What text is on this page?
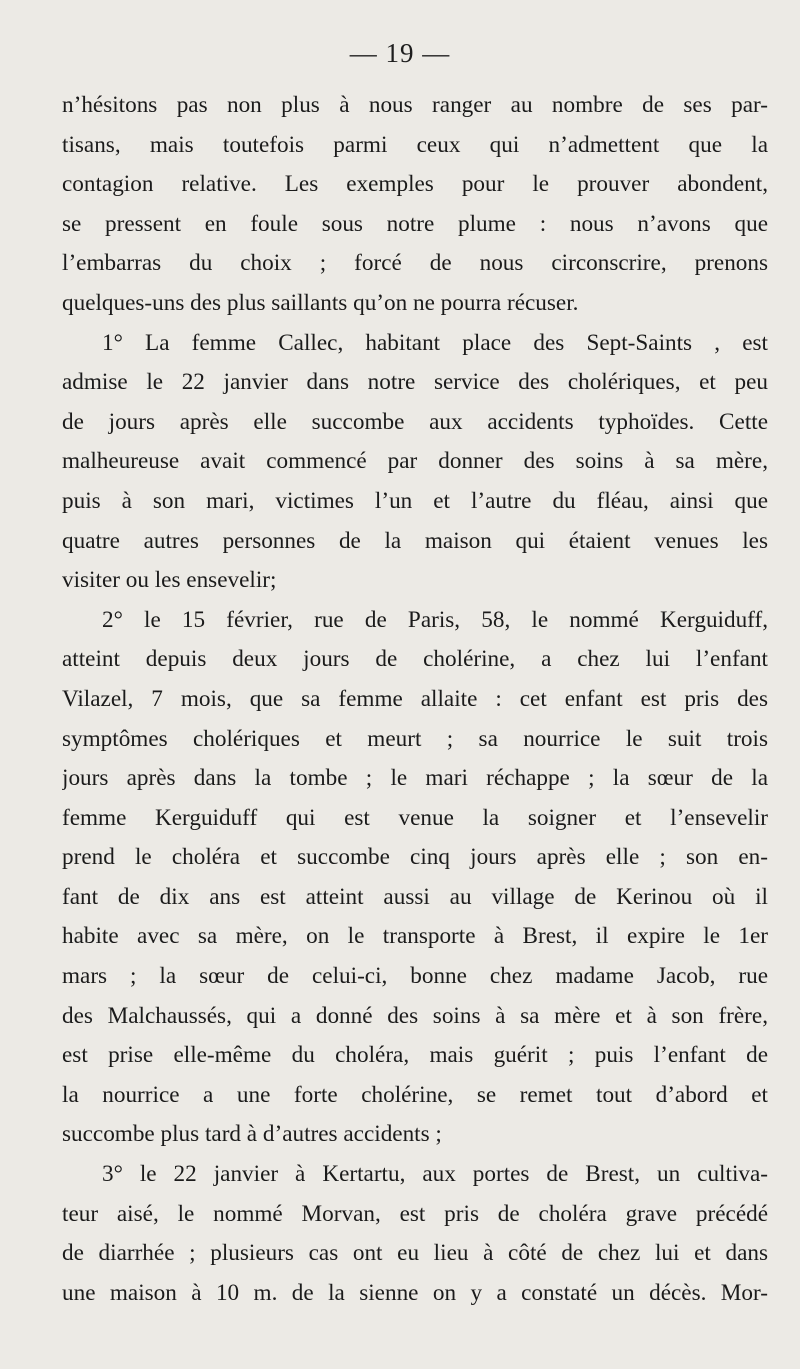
— 19 —
n’hésitons pas non plus à nous ranger au nombre de ses par-
tisans, mais toutefois parmi ceux qui n’admettent que la
contagion relative. Les exemples pour le prouver abondent,
se pressent en foule sous notre plume : nous n’avons que
l’embarras du choix ; forcé de nous circonscrire, prenons
quelques-uns des plus saillants qu’on ne pourra récuser.
1° La femme Callec, habitant place des Sept-Saints , est
admise le 22 janvier dans notre service des cholériques, et peu
de jours après elle succombe aux accidents typhoïdes. Cette
malheureuse avait commencé par donner des soins à sa mère,
puis à son mari, victimes l’un et l’autre du fléau, ainsi que
quatre autres personnes de la maison qui étaient venues les
visiter ou les ensevelir;
2° le 15 février, rue de Paris, 58, le nommé Kerguiduff,
atteint depuis deux jours de cholérine, a chez lui l’enfant
Vilazel, 7 mois, que sa femme allaite : cet enfant est pris des
symptômes cholériques et meurt ; sa nourrice le suit trois
jours après dans la tombe ; le mari réchappe ; la sœur de la
femme Kerguiduff qui est venue la soigner et l’ensevelir
prend le choléra et succombe cinq jours après elle ; son en-
fant de dix ans est atteint aussi au village de Kerinou où il
habite avec sa mère, on le transporte à Brest, il expire le 1er
mars ; la sœur de celui-ci, bonne chez madame Jacob, rue
des Malchaussés, qui a donné des soins à sa mère et à son frère,
est prise elle-même du choléra, mais guérit ; puis l’enfant de
la nourrice a une forte cholérine, se remet tout d’abord et
succombe plus tard à d’autres accidents ;
3° le 22 janvier à Kertartu, aux portes de Brest, un cultiva-
teur aisé, le nommé Morvan, est pris de choléra grave précédé
de diarrhée ; plusieurs cas ont eu lieu à côté de chez lui et dans
une maison à 10 m. de la sienne on y a constaté un décès. Mor-
